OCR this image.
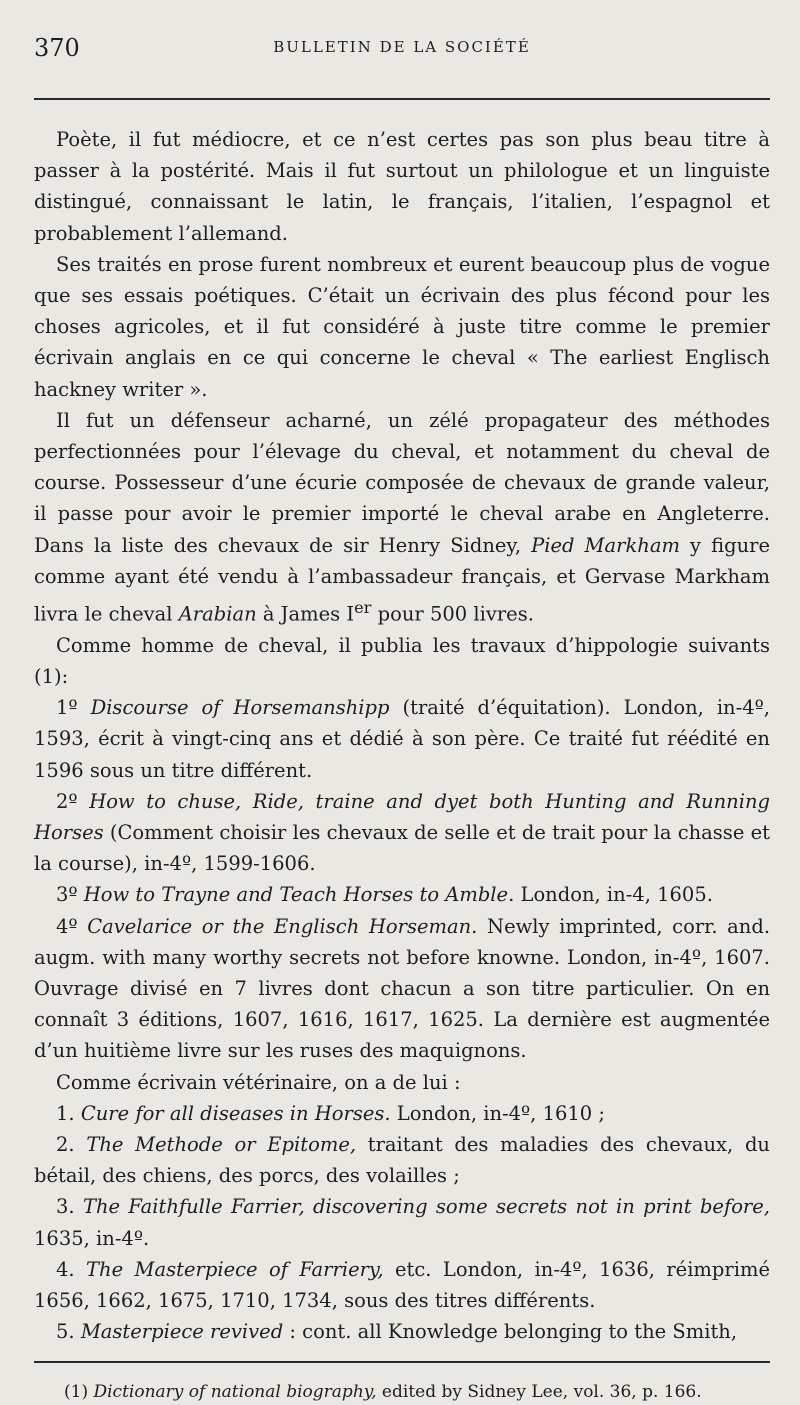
370	BULLETIN DE LA SOCIÉTÉ

Poète, il fut médiocre, et ce n’est certes pas son plus beau titre à passer à la postérité. Mais il fut surtout un philologue et un linguiste distingué, connaissant le latin, le français, l’italien, l’espagnol et probablement l’allemand.

Ses traités en prose furent nombreux et eurent beaucoup plus de vogue que ses essais poétiques. C’était un écrivain des plus fécond pour les choses agricoles, et il fut considéré à juste titre comme le premier écrivain anglais en ce qui concerne le cheval « The earliest Englisch hackney writer ».

Il fut un défenseur acharné, un zélé propagateur des méthodes perfectionnées pour l’élevage du cheval, et notamment du cheval de course. Possesseur d’une écurie composée de chevaux de grande valeur, il passe pour avoir le premier importé le cheval arabe en Angleterre. Dans la liste des chevaux de sir Henry Sidney, Pied Markham y figure comme ayant été vendu à l’ambassadeur français, et Gervase Markham livra le cheval Arabian à James Ier pour 500 livres.

Comme homme de cheval, il publia les travaux d’hippologie suivants (1):

1º Discourse of Horsemanshipp (traité d’équitation). London, in-4º, 1593, écrit à vingt-cinq ans et dédié à son père. Ce traité fut réédité en 1596 sous un titre différent.

2º How to chuse, Ride, traine and dyet both Hunting and Running Horses (Comment choisir les chevaux de selle et de trait pour la chasse et la course), in-4º, 1599-1606.

3º How to Trayne and Teach Horses to Amble. London, in-4, 1605.

4º Cavelarice or the Englisch Horseman. Newly imprinted, corr. and. augm. with many worthy secrets not before knowne. London, in-4º, 1607. Ouvrage divisé en 7 livres dont chacun a son titre particulier. On en connaît 3 éditions, 1607, 1616, 1617, 1625. La dernière est augmentée d’un huitième livre sur les ruses des maquignons.

Comme écrivain vétérinaire, on a de lui :

1. Cure for all diseases in Horses. London, in-4º, 1610 ;

2. The Methode or Epitome, traitant des maladies des chevaux, du bétail, des chiens, des porcs, des volailles ;

3. The Faithfulle Farrier, discovering some secrets not in print before, 1635, in-4º.

4. The Masterpiece of Farriery, etc. London, in-4º, 1636, réimprimé 1656, 1662, 1675, 1710, 1734, sous des titres différents.

5. Masterpiece revived : cont. all Knowledge belonging to the Smith,

(1) Dictionary of national biography, edited by Sidney Lee, vol. 36, p. 166.
